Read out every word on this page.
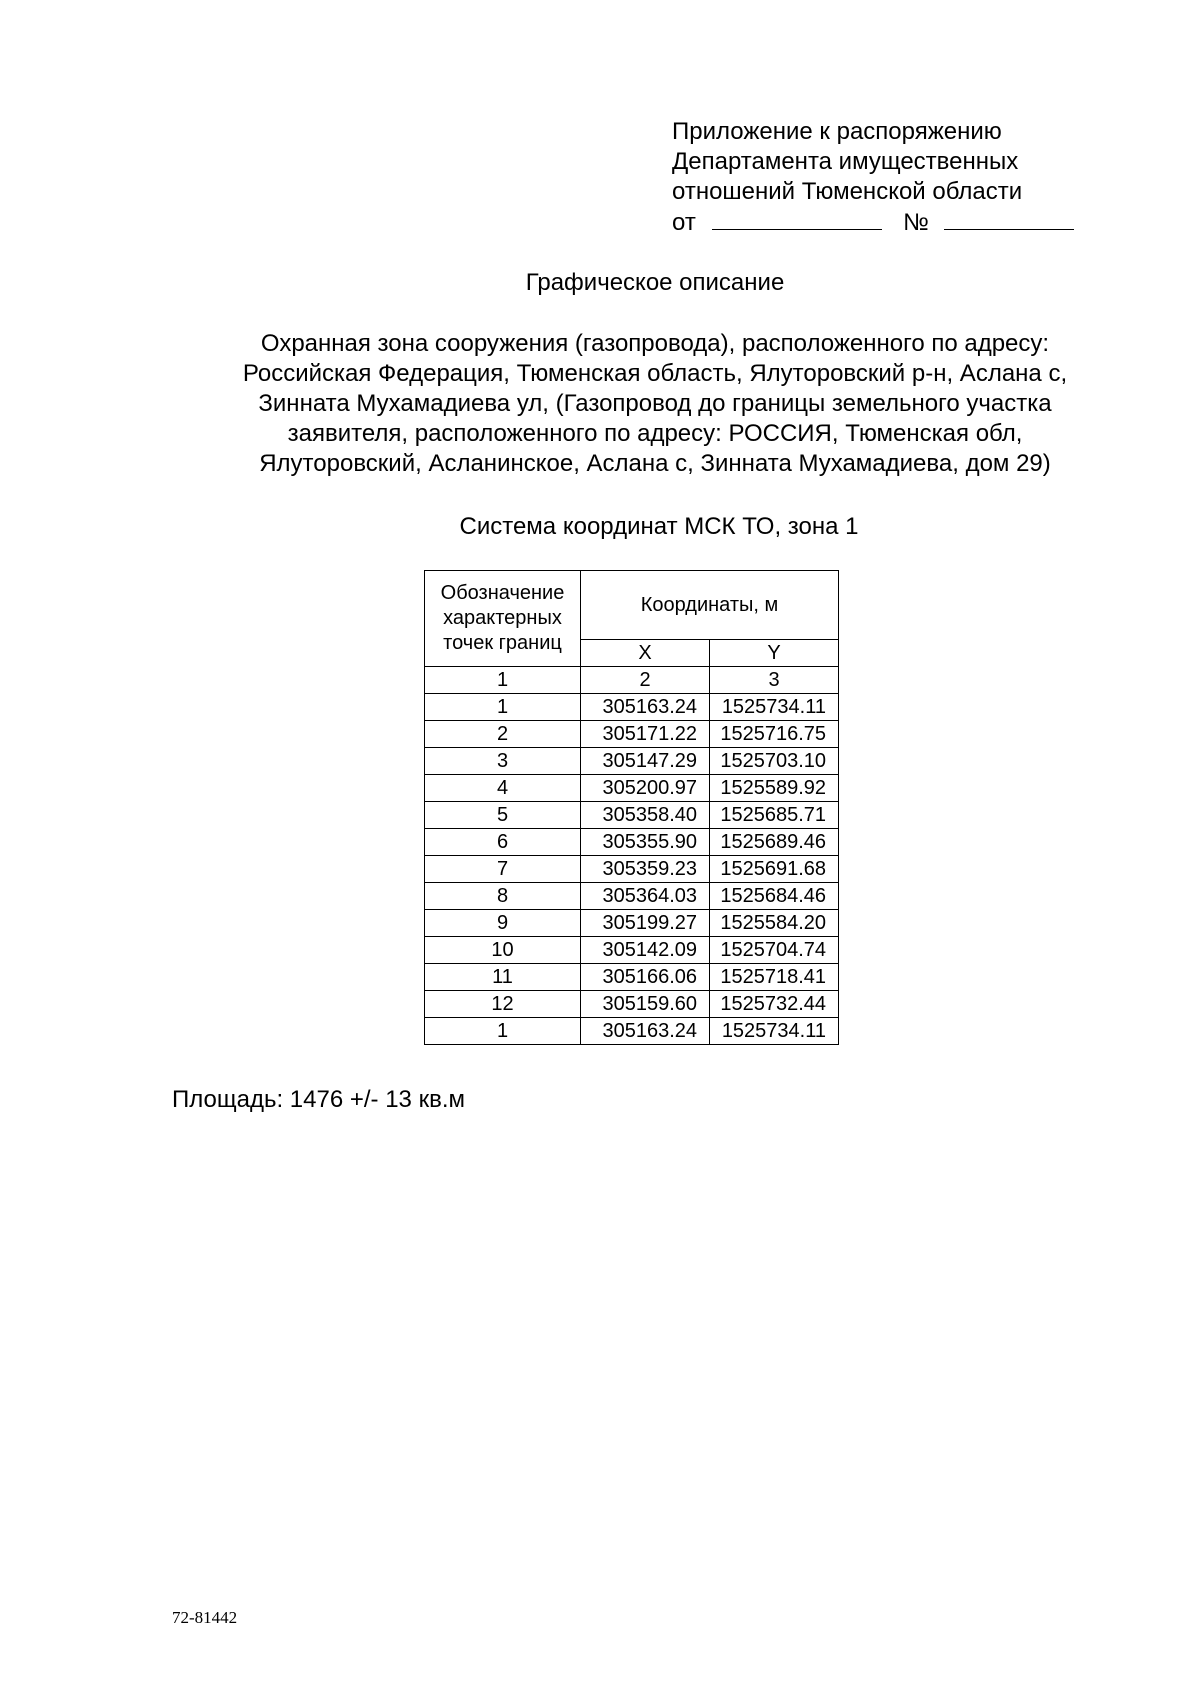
Приложение к распоряжению
Департамента имущественных
отношений Тюменской области
от	№
Графическое описание
Охранная зона сооружения (газопровода), расположенного по адресу:
Российская Федерация, Тюменская область, Ялуторовский р-н, Аслана с,
Зинната Мухамадиева ул, (Газопровод до границы земельного участка
заявителя, расположенного по адресу: РОССИЯ, Тюменская обл,
Ялуторовский, Асланинское, Аслана с, Зинната Мухамадиева, дом 29)
Система координат МСК ТО, зона 1
Обозначение
характерных
точек границ	Координаты, м	
	X	Y
1	2	3
1	305163.24	1525734.11
2	305171.22	1525716.75
3	305147.29	1525703.10
4	305200.97	1525589.92
5	305358.40	1525685.71
6	305355.90	1525689.46
7	305359.23	1525691.68
8	305364.03	1525684.46
9	305199.27	1525584.20
10	305142.09	1525704.74
11	305166.06	1525718.41
12	305159.60	1525732.44
1	305163.24	1525734.11
Площадь: 1476 +/- 13 кв.м
72-81442
